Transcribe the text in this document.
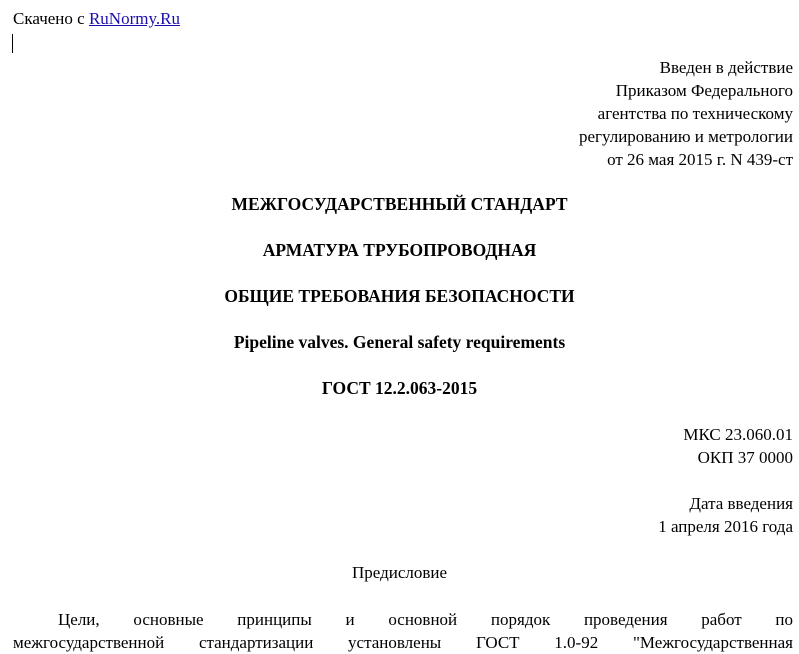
Скачено с RuNormy.Ru
Введен в действие
Приказом Федерального
агентства по техническому
регулированию и метрологии
от 26 мая 2015 г. N 439-ст
МЕЖГОСУДАРСТВЕННЫЙ СТАНДАРТ
АРМАТУРА ТРУБОПРОВОДНАЯ
ОБЩИЕ ТРЕБОВАНИЯ БЕЗОПАСНОСТИ
Pipeline valves. General safety requirements
ГОСТ 12.2.063-2015
МКС 23.060.01
ОКП 37 0000
Дата введения
1 апреля 2016 года
Предисловие
Цели, основные принципы и основной порядок проведения работ по
межгосударственной стандартизации установлены ГОСТ 1.0-92 "Межгосударственная
